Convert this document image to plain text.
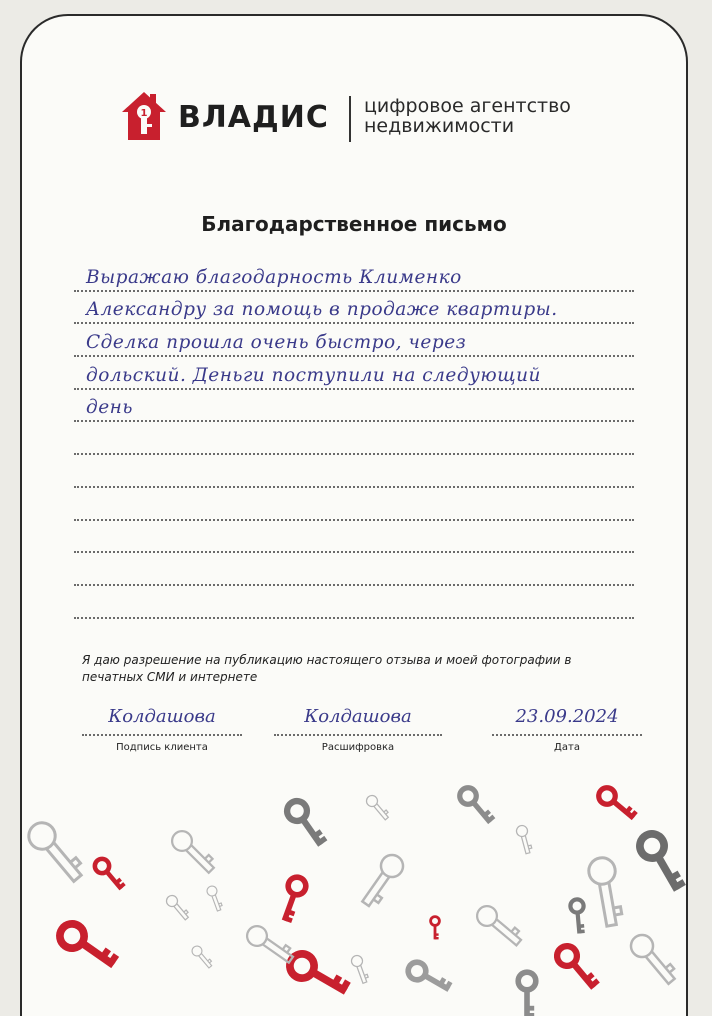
1 ВЛАДИС цифровое агентство
недвижимости
Благодарственное письмо
Выражаю благодарность Клименко
Александру за помощь в продаже квартиры.
Сделка прошла очень быстро, через
дольский. Деньги поступили на следующий
день
Я даю разрешение на публикацию настоящего отзыва и моей фотографии в печатных СМИ и интернете
Колдашова
Подпись клиента
Колдашова
Расшифровка
23.09.2024
Дата
